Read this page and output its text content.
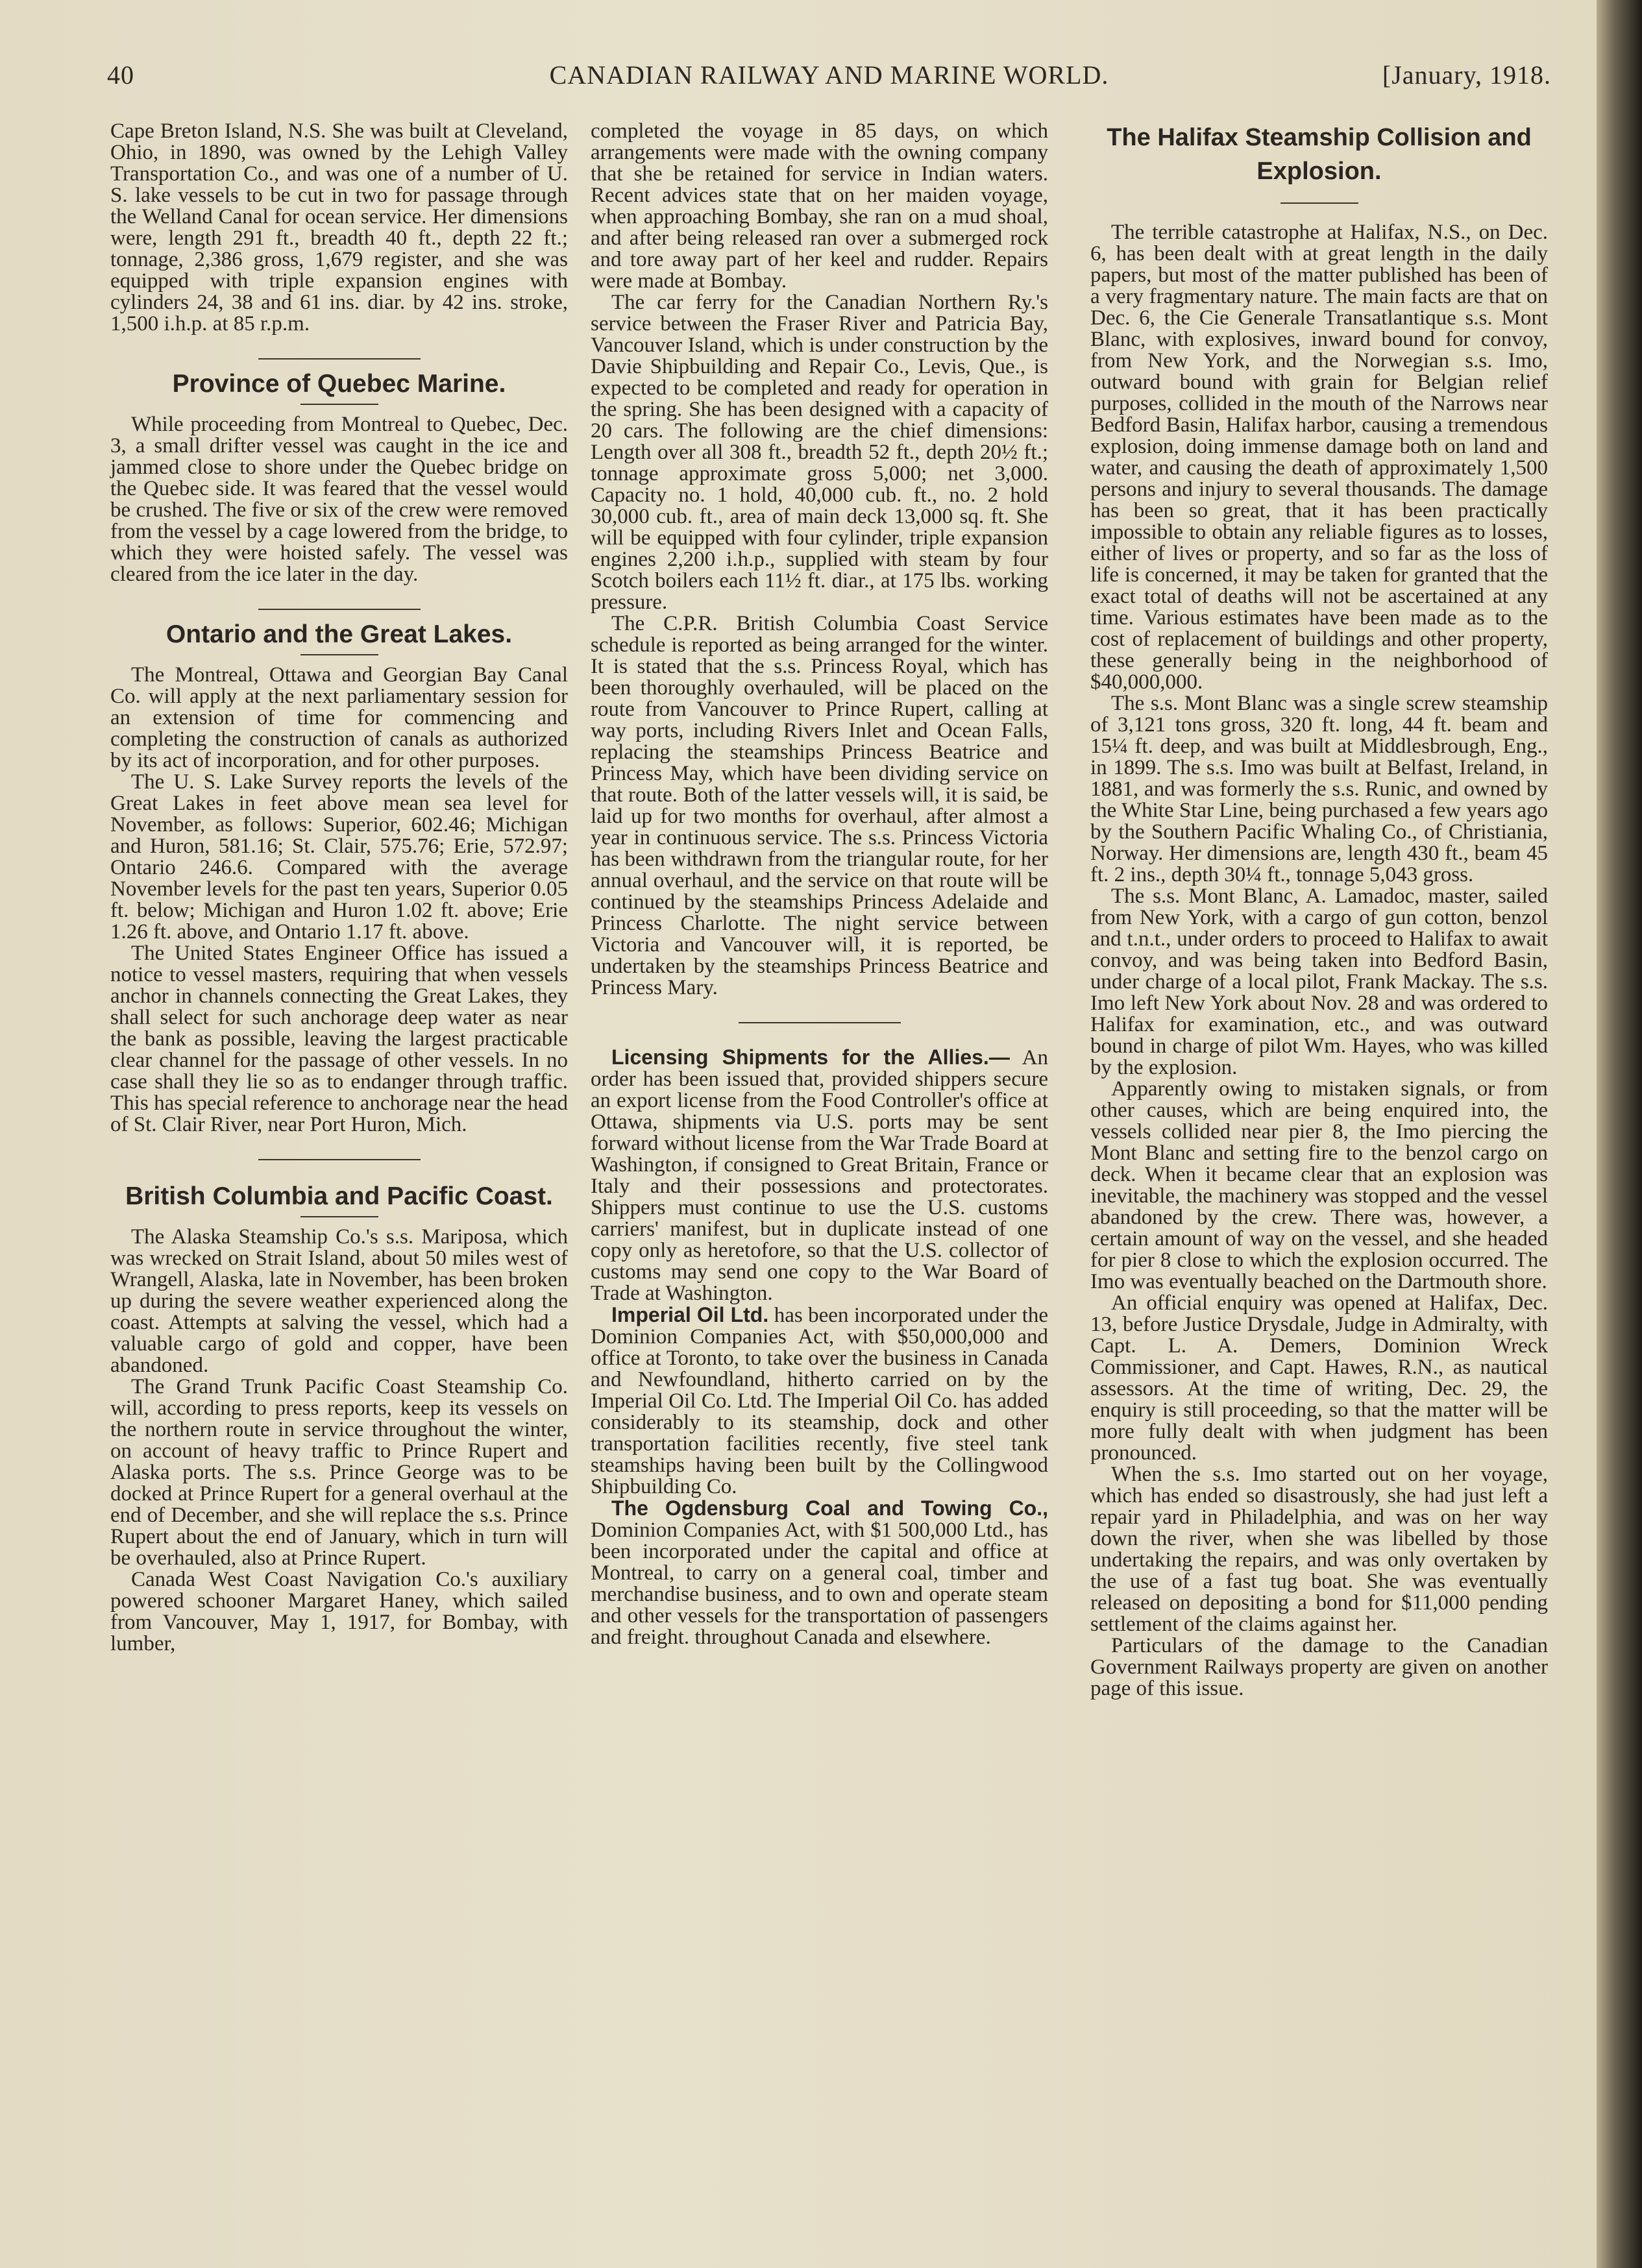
40	CANADIAN RAILWAY AND MARINE WORLD.	[January, 1918.

Cape Breton Island, N.S. She was built at Cleveland, Ohio, in 1890, was owned by the Lehigh Valley Transportation Co., and was one of a number of U. S. lake vessels to be cut in two for passage through the Welland Canal for ocean service. Her dimensions were, length 291 ft., breadth 40 ft., depth 22 ft.; tonnage, 2,386 gross, 1,679 register, and she was equipped with triple expansion engines with cylinders 24, 38 and 61 ins. diar. by 42 ins. stroke, 1,500 i.h.p. at 85 r.p.m.

Province of Quebec Marine.

While proceeding from Montreal to Quebec, Dec. 3, a small drifter vessel was caught in the ice and jammed close to shore under the Quebec bridge on the Quebec side. It was feared that the vessel would be crushed. The five or six of the crew were removed from the vessel by a cage lowered from the bridge, to which they were hoisted safely. The vessel was cleared from the ice later in the day.

Ontario and the Great Lakes.

The Montreal, Ottawa and Georgian Bay Canal Co. will apply at the next parliamentary session for an extension of time for commencing and completing the construction of canals as authorized by its act of incorporation, and for other purposes.

The U. S. Lake Survey reports the levels of the Great Lakes in feet above mean sea level for November, as follows: Superior, 602.46; Michigan and Huron, 581.16; St. Clair, 575.76; Erie, 572.97; Ontario 246.6. Compared with the average November levels for the past ten years, Superior 0.05 ft. below; Michigan and Huron 1.02 ft. above; Erie 1.26 ft. above, and Ontario 1.17 ft. above.

The United States Engineer Office has issued a notice to vessel masters, requiring that when vessels anchor in channels connecting the Great Lakes, they shall select for such anchorage deep water as near the bank as possible, leaving the largest practicable clear channel for the passage of other vessels. In no case shall they lie so as to endanger through traffic. This has special reference to anchorage near the head of St. Clair River, near Port Huron, Mich.

British Columbia and Pacific Coast.

The Alaska Steamship Co.'s s.s. Mariposa, which was wrecked on Strait Island, about 50 miles west of Wrangell, Alaska, late in November, has been broken up during the severe weather experienced along the coast. Attempts at salving the vessel, which had a valuable cargo of gold and copper, have been abandoned.

The Grand Trunk Pacific Coast Steamship Co. will, according to press reports, keep its vessels on the northern route in service throughout the winter, on account of heavy traffic to Prince Rupert and Alaska ports. The s.s. Prince George was to be docked at Prince Rupert for a general overhaul at the end of December, and she will replace the s.s. Prince Rupert about the end of January, which in turn will be overhauled, also at Prince Rupert.

Canada West Coast Navigation Co.'s auxiliary powered schooner Margaret Haney, which sailed from Vancouver, May 1, 1917, for Bombay, with lumber,

completed the voyage in 85 days, on which arrangements were made with the owning company that she be retained for service in Indian waters. Recent advices state that on her maiden voyage, when approaching Bombay, she ran on a mud shoal, and after being released ran over a submerged rock and tore away part of her keel and rudder. Repairs were made at Bombay.

The car ferry for the Canadian Northern Ry.'s service between the Fraser River and Patricia Bay, Vancouver Island, which is under construction by the Davie Shipbuilding and Repair Co., Levis, Que., is expected to be completed and ready for operation in the spring. She has been designed with a capacity of 20 cars. The following are the chief dimensions: Length over all 308 ft., breadth 52 ft., depth 20½ ft.; tonnage approximate gross 5,000; net 3,000. Capacity no. 1 hold, 40,000 cub. ft., no. 2 hold 30,000 cub. ft., area of main deck 13,000 sq. ft. She will be equipped with four cylinder, triple expansion engines 2,200 i.h.p., supplied with steam by four Scotch boilers each 11½ ft. diar., at 175 lbs. working pressure.

The C.P.R. British Columbia Coast Service schedule is reported as being arranged for the winter. It is stated that the s.s. Princess Royal, which has been thoroughly overhauled, will be placed on the route from Vancouver to Prince Rupert, calling at way ports, including Rivers Inlet and Ocean Falls, replacing the steamships Princess Beatrice and Princess May, which have been dividing service on that route. Both of the latter vessels will, it is said, be laid up for two months for overhaul, after almost a year in continuous service. The s.s. Princess Victoria has been withdrawn from the triangular route, for her annual overhaul, and the service on that route will be continued by the steamships Princess Adelaide and Princess Charlotte. The night service between Victoria and Vancouver will, it is reported, be undertaken by the steamships Princess Beatrice and Princess Mary.

Licensing Shipments for the Allies.— An order has been issued that, provided shippers secure an export license from the Food Controller's office at Ottawa, shipments via U.S. ports may be sent forward without license from the War Trade Board at Washington, if consigned to Great Britain, France or Italy and their possessions and protectorates. Shippers must continue to use the U.S. customs carriers' manifest, but in duplicate instead of one copy only as heretofore, so that the U.S. collector of customs may send one copy to the War Board of Trade at Washington.

Imperial Oil Ltd. has been incorporated under the Dominion Companies Act, with $50,000,000 and office at Toronto, to take over the business in Canada and Newfoundland, hitherto carried on by the Imperial Oil Co. Ltd. The Imperial Oil Co. has added considerably to its steamship, dock and other transportation facilities recently, five steel tank steamships having been built by the Collingwood Shipbuilding Co.

The Ogdensburg Coal and Towing Co., Dominion Companies Act, with $1 500,000 Ltd., has been incorporated under the capital and office at Montreal, to carry on a general coal, timber and merchandise business, and to own and operate steam and other vessels for the transportation of passengers and freight. throughout Canada and elsewhere.

The Halifax Steamship Collision and Explosion.

The terrible catastrophe at Halifax, N.S., on Dec. 6, has been dealt with at great length in the daily papers, but most of the matter published has been of a very fragmentary nature. The main facts are that on Dec. 6, the Cie Generale Transatlantique s.s. Mont Blanc, with explosives, inward bound for convoy, from New York, and the Norwegian s.s. Imo, outward bound with grain for Belgian relief purposes, collided in the mouth of the Narrows near Bedford Basin, Halifax harbor, causing a tremendous explosion, doing immense damage both on land and water, and causing the death of approximately 1,500 persons and injury to several thousands. The damage has been so great, that it has been practically impossible to obtain any reliable figures as to losses, either of lives or property, and so far as the loss of life is concerned, it may be taken for granted that the exact total of deaths will not be ascertained at any time. Various estimates have been made as to the cost of replacement of buildings and other property, these generally being in the neighborhood of $40,000,000.

The s.s. Mont Blanc was a single screw steamship of 3,121 tons gross, 320 ft. long, 44 ft. beam and 15¼ ft. deep, and was built at Middlesbrough, Eng., in 1899. The s.s. Imo was built at Belfast, Ireland, in 1881, and was formerly the s.s. Runic, and owned by the White Star Line, being purchased a few years ago by the Southern Pacific Whaling Co., of Christiania, Norway. Her dimensions are, length 430 ft., beam 45 ft. 2 ins., depth 30¼ ft., tonnage 5,043 gross.

The s.s. Mont Blanc, A. Lamadoc, master, sailed from New York, with a cargo of gun cotton, benzol and t.n.t., under orders to proceed to Halifax to await convoy, and was being taken into Bedford Basin, under charge of a local pilot, Frank Mackay. The s.s. Imo left New York about Nov. 28 and was ordered to Halifax for examination, etc., and was outward bound in charge of pilot Wm. Hayes, who was killed by the explosion.

Apparently owing to mistaken signals, or from other causes, which are being enquired into, the vessels collided near pier 8, the Imo piercing the Mont Blanc and setting fire to the benzol cargo on deck. When it became clear that an explosion was inevitable, the machinery was stopped and the vessel abandoned by the crew. There was, however, a certain amount of way on the vessel, and she headed for pier 8 close to which the explosion occurred. The Imo was eventually beached on the Dartmouth shore.

An official enquiry was opened at Halifax, Dec. 13, before Justice Drysdale, Judge in Admiralty, with Capt. L. A. Demers, Dominion Wreck Commissioner, and Capt. Hawes, R.N., as nautical assessors. At the time of writing, Dec. 29, the enquiry is still proceeding, so that the matter will be more fully dealt with when judgment has been pronounced.

When the s.s. Imo started out on her voyage, which has ended so disastrously, she had just left a repair yard in Philadelphia, and was on her way down the river, when she was libelled by those undertaking the repairs, and was only overtaken by the use of a fast tug boat. She was eventually released on depositing a bond for $11,000 pending settlement of the claims against her.

Particulars of the damage to the Canadian Government Railways property are given on another page of this issue.
